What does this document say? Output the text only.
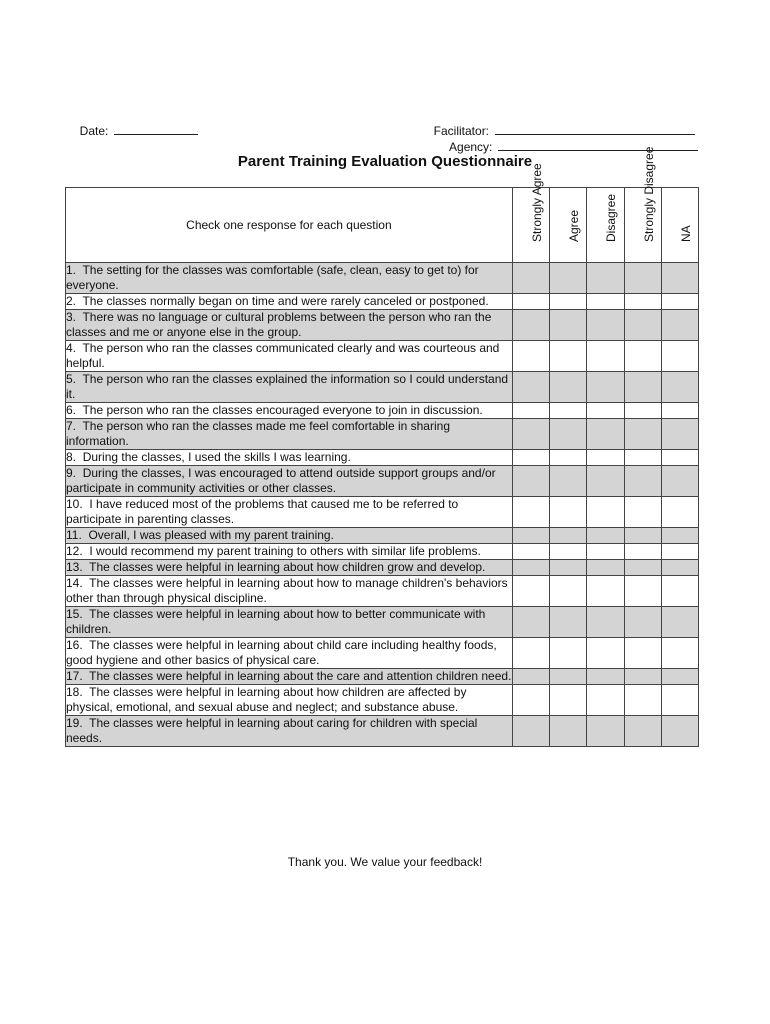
Date:	Facilitator:

Agency:

Parent Training Evaluation Questionnaire
Check one response for each question	Strongly Agree	Agree	Disagree	Strongly Disagree	NA

1. The setting for the classes was comfortable (safe, clean, easy to get to) for everyone.					
2. The classes normally began on time and were rarely canceled or postponed.					
3. There was no language or cultural problems between the person who ran the classes and me or anyone else in the group.					
4. The person who ran the classes communicated clearly and was courteous and helpful.					
5. The person who ran the classes explained the information so I could understand it.					
6. The person who ran the classes encouraged everyone to join in discussion.					
7. The person who ran the classes made me feel comfortable in sharing information.					
8. During the classes, I used the skills I was learning.					
9. During the classes, I was encouraged to attend outside support groups and/or participate in community activities or other classes.					
10. I have reduced most of the problems that caused me to be referred to participate in parenting classes.					
11. Overall, I was pleased with my parent training.					
12. I would recommend my parent training to others with similar life problems.					
13. The classes were helpful in learning about how children grow and develop.					
14. The classes were helpful in learning about how to manage children's behaviors other than through physical discipline.					
15. The classes were helpful in learning about how to better communicate with children.					
16. The classes were helpful in learning about child care including healthy foods, good hygiene and other basics of physical care.					
17. The classes were helpful in learning about the care and attention children need.					
18. The classes were helpful in learning about how children are affected by physical, emotional, and sexual abuse and neglect; and substance abuse.					
19. The classes were helpful in learning about caring for children with special needs.					
Thank you. We value your feedback!
